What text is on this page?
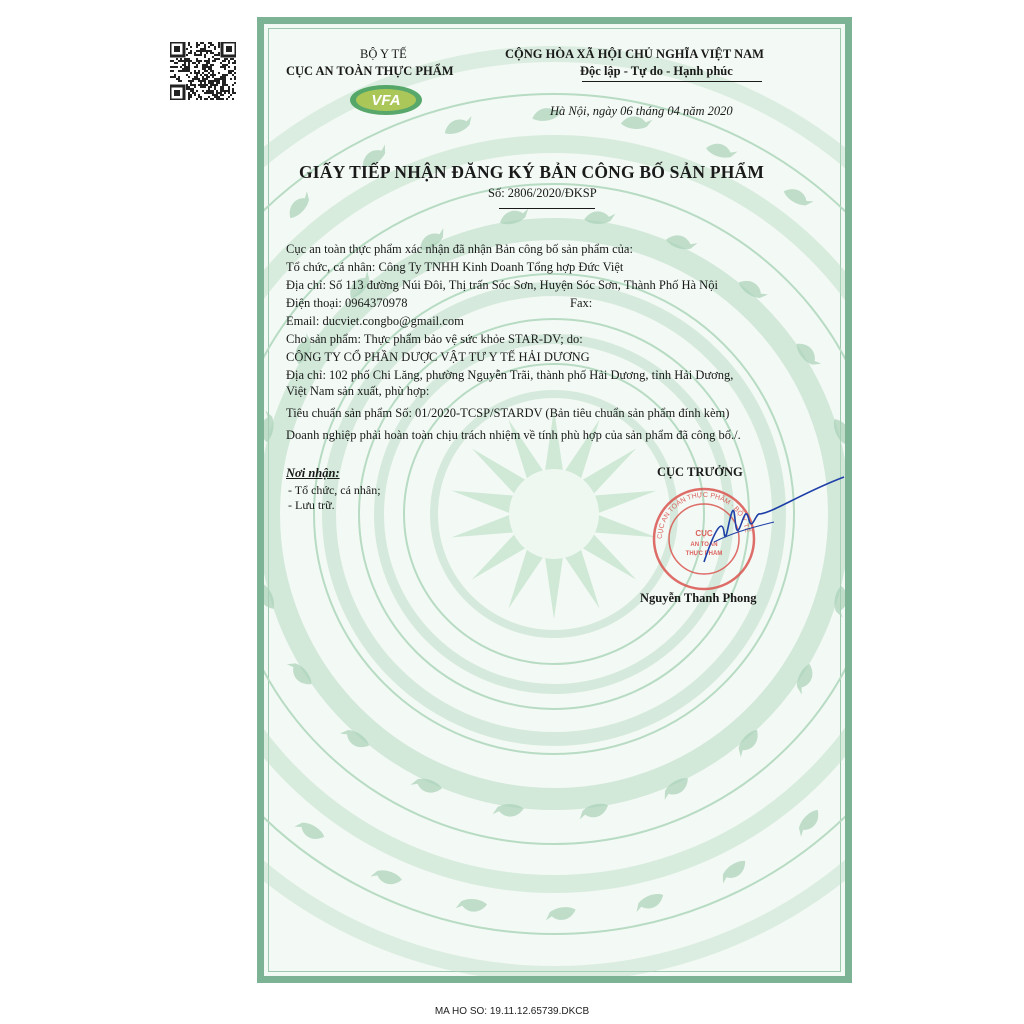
BỘ Y TẾ
CỤC AN TOÀN THỰC PHẨM
VFA
CỘNG HÒA XÃ HỘI CHỦ NGHĨA VIỆT NAM
Độc lập - Tự do - Hạnh phúc
Hà Nội, ngày 06 tháng 04 năm 2020
GIẤY TIẾP NHẬN ĐĂNG KÝ BẢN CÔNG BỐ SẢN PHẨM
Số: 2806/2020/ĐKSP
Cục an toàn thực phẩm xác nhận đã nhận Bản công bố sản phẩm của:
Tổ chức, cá nhân: Công Ty TNHH Kinh Doanh Tổng hợp Đức Việt
Địa chỉ: Số 113 đường Núi Đôi, Thị trấn Sóc Sơn, Huyện Sóc Sơn, Thành Phố Hà Nội
Điện thoại: 0964370978	Fax:
Email: ducviet.congbo@gmail.com
Cho sản phẩm: Thực phẩm bảo vệ sức khỏe STAR-DV; do:
CÔNG TY CỔ PHẦN DƯỢC VẬT TƯ Y TẾ HẢI DƯƠNG
Địa chỉ: 102 phố Chi Lăng, phường Nguyễn Trãi, thành phố Hải Dương, tỉnh Hải Dương,
Việt Nam sản xuất, phù hợp:
Tiêu chuẩn sản phẩm Số: 01/2020-TCSP/STARDV (Bản tiêu chuẩn sản phẩm đính kèm)
Doanh nghiệp phải hoàn toàn chịu trách nhiệm về tính phù hợp của sản phẩm đã công bố./.
Nơi nhận:
- Tổ chức, cá nhân;
- Lưu trữ.
CỤC TRƯỞNG
CỤC AN TOÀN THỰC PHẨM · BỘ Y TẾ
CỤC
AN TOÀN
THỰC PHẨM
Nguyễn Thanh Phong
MA HO SO: 19.11.12.65739.DKCB
